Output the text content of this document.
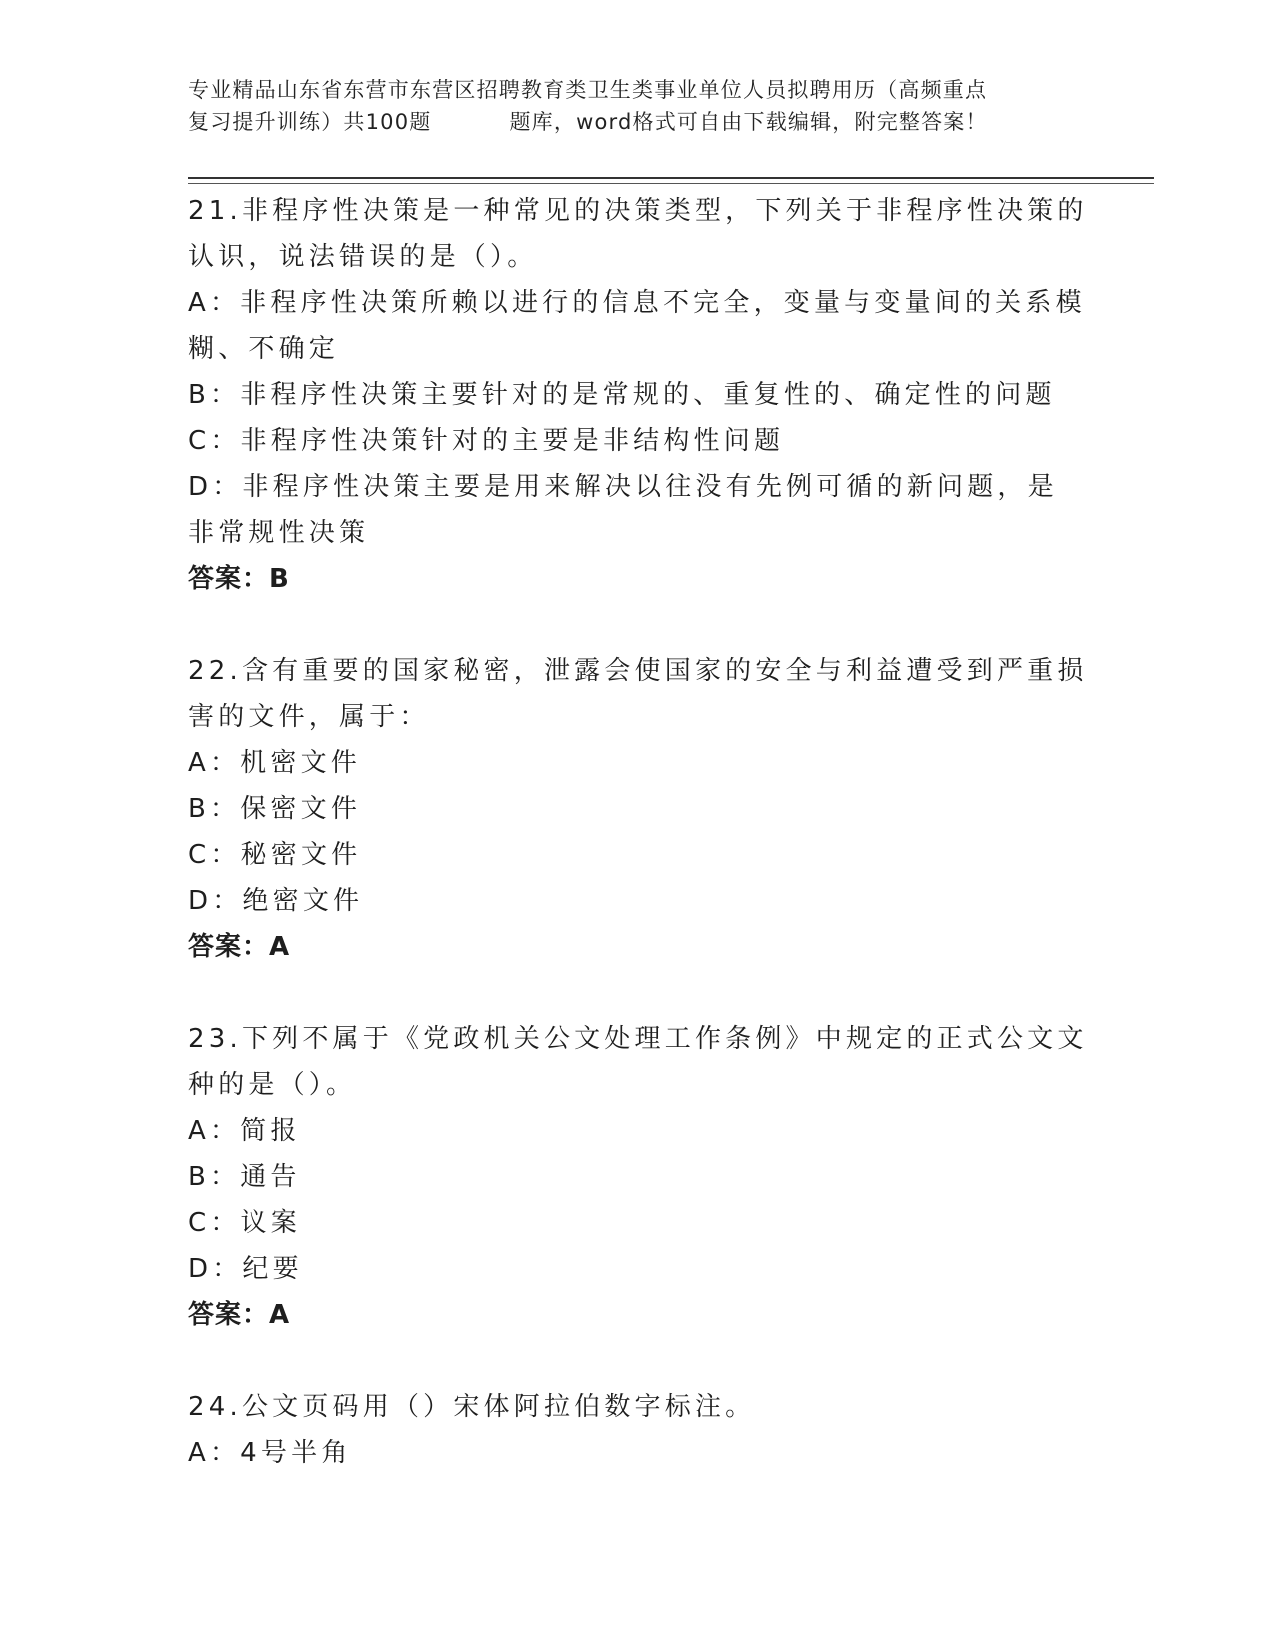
专业精品山东省东营市东营区招聘教育类卫生类事业单位人员拟聘用历（高频重点
复习提升训练）共100题	题库，word格式可自由下载编辑，附完整答案！
21.非程序性决策是一种常见的决策类型，下列关于非程序性决策的认识，说法错误的是（）。
A：非程序性决策所赖以进行的信息不完全，变量与变量间的关系模糊、不确定
B：非程序性决策主要针对的是常规的、重复性的、确定性的问题
C：非程序性决策针对的主要是非结构性问题
D：非程序性决策主要是用来解决以往没有先例可循的新问题，是非常规性决策
答案：B
22.含有重要的国家秘密，泄露会使国家的安全与利益遭受到严重损害的文件，属于：
A：机密文件
B：保密文件
C：秘密文件
D：绝密文件
答案：A
23.下列不属于《党政机关公文处理工作条例》中规定的正式公文文种的是（）。
A：简报
B：通告
C：议案
D：纪要
答案：A
24.公文页码用（）宋体阿拉伯数字标注。
A：4号半角
